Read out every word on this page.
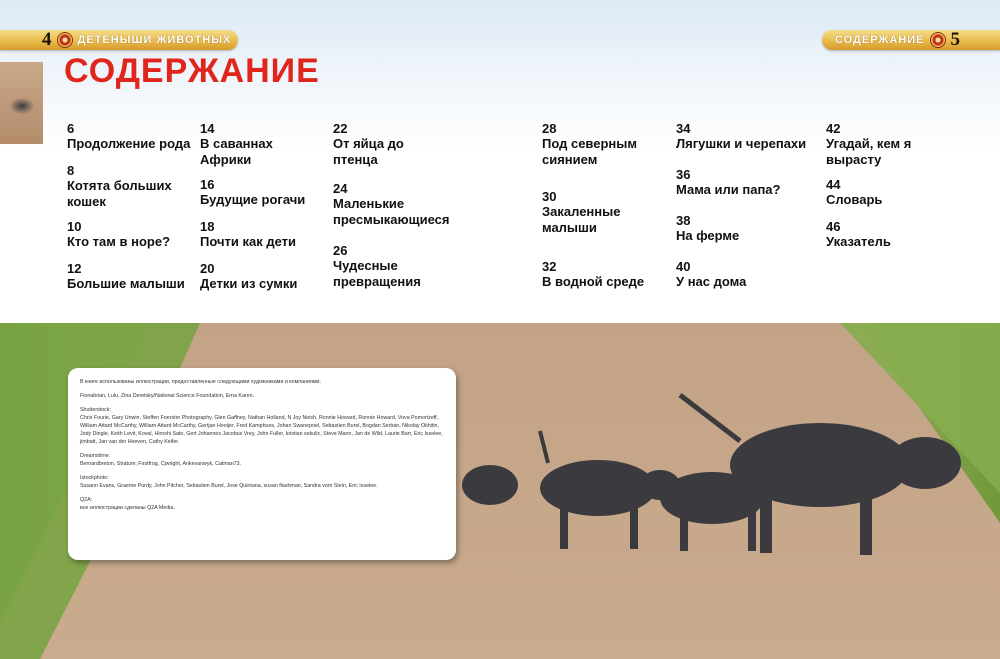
4 ДЕТЕНЫШИ ЖИВОТНЫХ	СОДЕРЖАНИЕ 5
СОДЕРЖАНИЕ
6
Продолжение рода
8
Котята больших кошек
10
Кто там в норе?
12
Большие малыши
14
В саваннах Африки
16
Будущие рогачи
18
Почти как дети
20
Детки из сумки
22
От яйца до птенца
24
Маленькие пресмыкающиеся
26
Чудесные превращения
28
Под северным сиянием
30
Закаленные малыши
32
В водной среде
34
Лягушки и черепахи
36
Мама или папа?
38
На ферме
40
У нас дома
42
Угадай, кем я вырасту
44
Словарь
46
Указатель

В книге использованы иллюстрации, предоставленные следующими художниками и компаниями.

Fionabrian, Lulu, Zina Deretsky/National Science Foundation, Erna Karen.

Shutterstock:
Chris Fourie, Gary Unwin, Steffen Foerster Photography, Glen Gaffney, Nathan Holland, N Joy Neish, Ronnie Howard, Ronnie Howard, Vova Pomortzeff, William Attard McCarthy, William Attard McCarthy, Gertjan Hooijer, Fred Kamphues, Johan Swanepoel, Sebastien Burel, Bogdan Serban, Nikolay Okhitin, Jody Dingle, Keith Levit, Koval, Hiroshi Sato, Gert Johannes Jacobus Vrey, John Fuller, kristian sekulic, Steve Mann, Jan de Wild, Laurie Barr, Eric Isselee, jimbatt, Jan van der Hoeven, Cathy Keifer.

Dreamstime:
Bernardbreton, Stratum, Firstfrog, Cjwright, Ankevanwyk, Catman73.

Istockphoto:
Susann Evans, Graeme Purdy, John Pitcher, Sebastien Burel, Jose Quintana, susan flashman, Sandra vom Stein, Eric Isselee.

Q2A:
все иллюстрации сделаны Q2A Media.
